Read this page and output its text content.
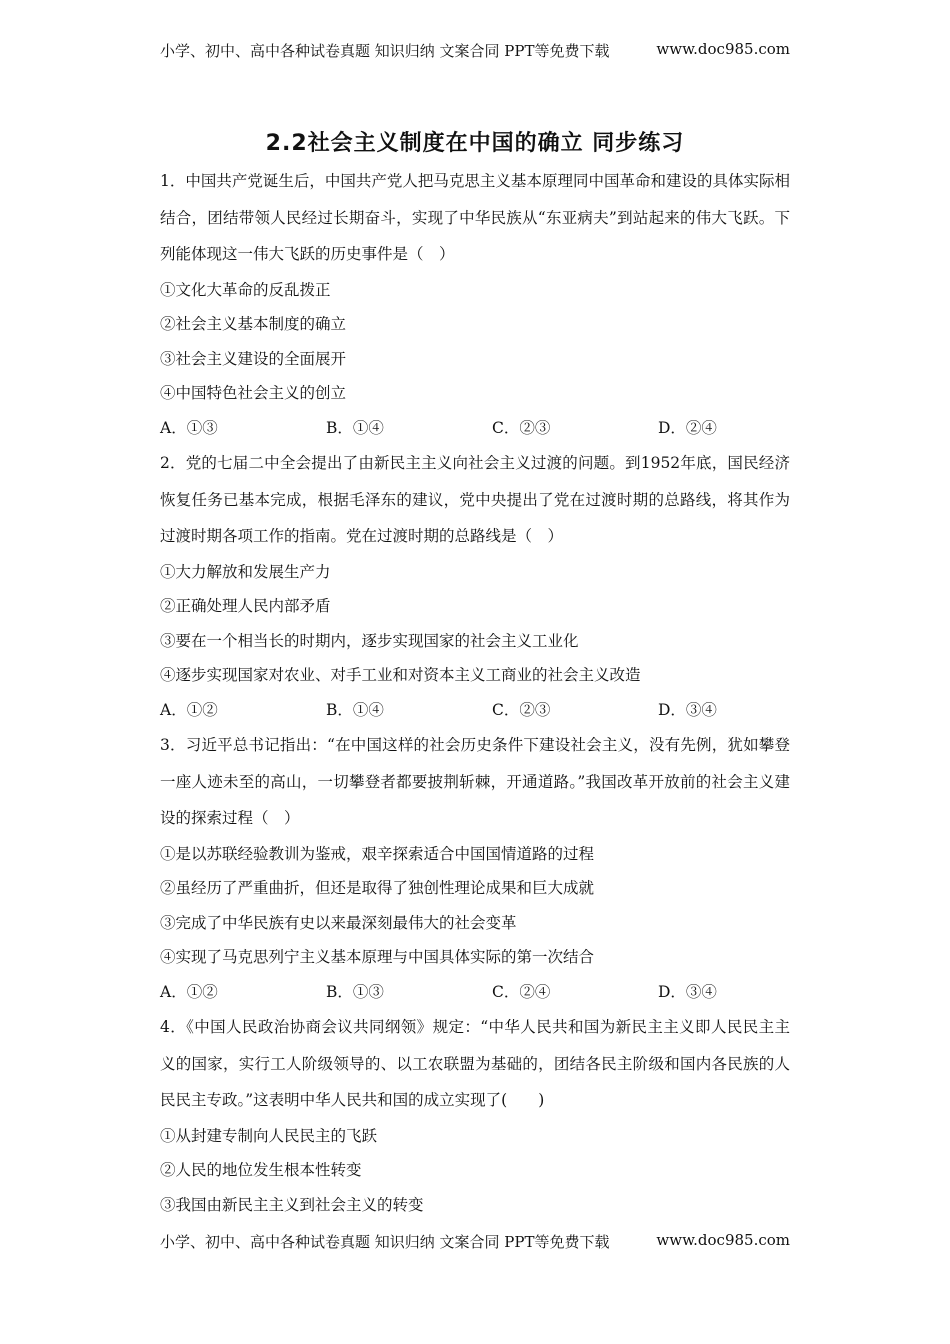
小学、初中、高中各种试卷真题 知识归纳 文案合同 PPT等免费下载	www.doc985.com
2.2社会主义制度在中国的确立 同步练习

1．中国共产党诞生后，中国共产党人把马克思主义基本原理同中国革命和建设的具体实际相结合，团结带领人民经过长期奋斗，实现了中华民族从“东亚病夫”到站起来的伟大飞跃。下列能体现这一伟大飞跃的历史事件是（　）

①文化大革命的反乱拨正

②社会主义基本制度的确立

③社会主义建设的全面展开

④中国特色社会主义的创立

A．①③	B．①④	C．②③	D．②④

2．党的七届二中全会提出了由新民主主义向社会主义过渡的问题。到1952年底，国民经济恢复任务已基本完成，根据毛泽东的建议，党中央提出了党在过渡时期的总路线，将其作为过渡时期各项工作的指南。党在过渡时期的总路线是（　）

①大力解放和发展生产力

②正确处理人民内部矛盾

③要在一个相当长的时期内，逐步实现国家的社会主义工业化

④逐步实现国家对农业、对手工业和对资本主义工商业的社会主义改造

A．①②	B．①④	C．②③	D．③④

3．习近平总书记指出：“在中国这样的社会历史条件下建设社会主义，没有先例，犹如攀登一座人迹未至的高山，一切攀登者都要披荆斩棘，开通道路。”我国改革开放前的社会主义建设的探索过程（　）

①是以苏联经验教训为鉴戒，艰辛探索适合中国国情道路的过程

②虽经历了严重曲折，但还是取得了独创性理论成果和巨大成就

③完成了中华民族有史以来最深刻最伟大的社会变革

④实现了马克思列宁主义基本原理与中国具体实际的第一次结合

A．①②	B．①③	C．②④	D．③④

4．《中国人民政治协商会议共同纲领》规定：“中华人民共和国为新民主主义即人民民主主义的国家，实行工人阶级领导的、以工农联盟为基础的，团结各民主阶级和国内各民族的人民民主专政。”这表明中华人民共和国的成立实现了(　　)

①从封建专制向人民民主的飞跃

②人民的地位发生根本性转变

③我国由新民主主义到社会主义的转变

小学、初中、高中各种试卷真题 知识归纳 文案合同 PPT等免费下载	www.doc985.com
